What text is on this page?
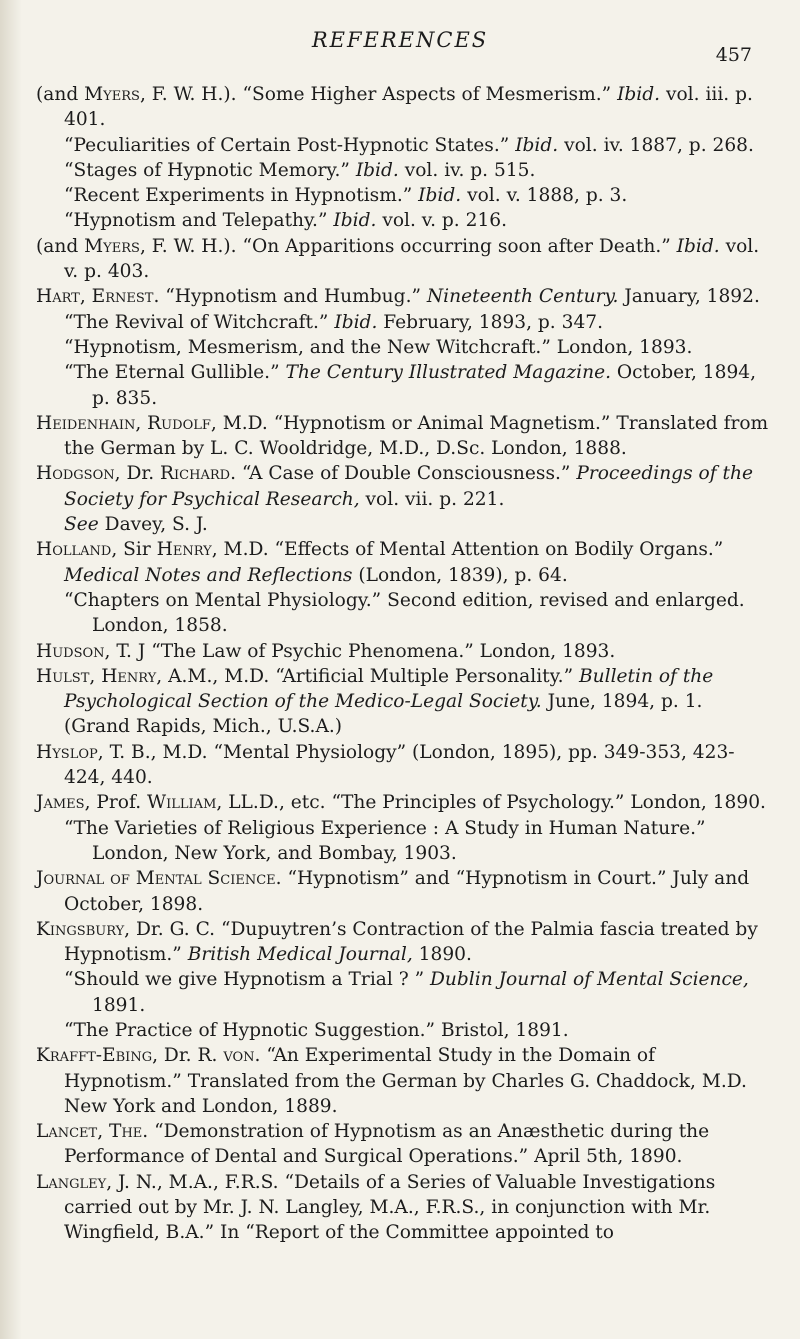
REFERENCES
457

(and Myers, F. W. H.). “Some Higher Aspects of Mesmerism.” Ibid. vol. iii. p. 401.

“Peculiarities of Certain Post-Hypnotic States.” Ibid. vol. iv. 1887, p. 268.

“Stages of Hypnotic Memory.” Ibid. vol. iv. p. 515.

“Recent Experiments in Hypnotism.” Ibid. vol. v. 1888, p. 3.

“Hypnotism and Telepathy.” Ibid. vol. v. p. 216.

(and Myers, F. W. H.). “On Apparitions occurring soon after Death.” Ibid. vol. v. p. 403.

Hart, Ernest. “Hypnotism and Humbug.” Nineteenth Century. January, 1892.

“The Revival of Witchcraft.” Ibid. February, 1893, p. 347.

“Hypnotism, Mesmerism, and the New Witchcraft.” London, 1893.

“The Eternal Gullible.” The Century Illustrated Magazine. October, 1894, p. 835.

Heidenhain, Rudolf, M.D. “Hypnotism or Animal Magnetism.” Translated from the German by L. C. Wooldridge, M.D., D.Sc. London, 1888.

Hodgson, Dr. Richard. “A Case of Double Consciousness.” Proceedings of the Society for Psychical Research, vol. vii. p. 221.

See Davey, S. J.

Holland, Sir Henry, M.D. “Effects of Mental Attention on Bodily Organs.” Medical Notes and Reflections (London, 1839), p. 64.

“Chapters on Mental Physiology.” Second edition, revised and enlarged. London, 1858.

Hudson, T. J “The Law of Psychic Phenomena.” London, 1893.

Hulst, Henry, A.M., M.D. “Artificial Multiple Personality.” Bulletin of the Psychological Section of the Medico-Legal Society. June, 1894, p. 1. (Grand Rapids, Mich., U.S.A.)

Hyslop, T. B., M.D. “Mental Physiology” (London, 1895), pp. 349-353, 423-424, 440.

James, Prof. William, LL.D., etc. “The Principles of Psychology.” London, 1890.

“The Varieties of Religious Experience : A Study in Human Nature.” London, New York, and Bombay, 1903.

Journal of Mental Science. “Hypnotism” and “Hypnotism in Court.” July and October, 1898.

Kingsbury, Dr. G. C. “Dupuytren’s Contraction of the Palmia fascia treated by Hypnotism.” British Medical Journal, 1890.

“Should we give Hypnotism a Trial ? ” Dublin Journal of Mental Science, 1891.

“The Practice of Hypnotic Suggestion.” Bristol, 1891.

Krafft-Ebing, Dr. R. von. “An Experimental Study in the Domain of Hypnotism.” Translated from the German by Charles G. Chaddock, M.D. New York and London, 1889.

Lancet, The. “Demonstration of Hypnotism as an Anæsthetic during the Performance of Dental and Surgical Operations.” April 5th, 1890.

Langley, J. N., M.A., F.R.S. “Details of a Series of Valuable Investigations carried out by Mr. J. N. Langley, M.A., F.R.S., in conjunction with Mr. Wingfield, B.A.” In “Report of the Committee appointed to
